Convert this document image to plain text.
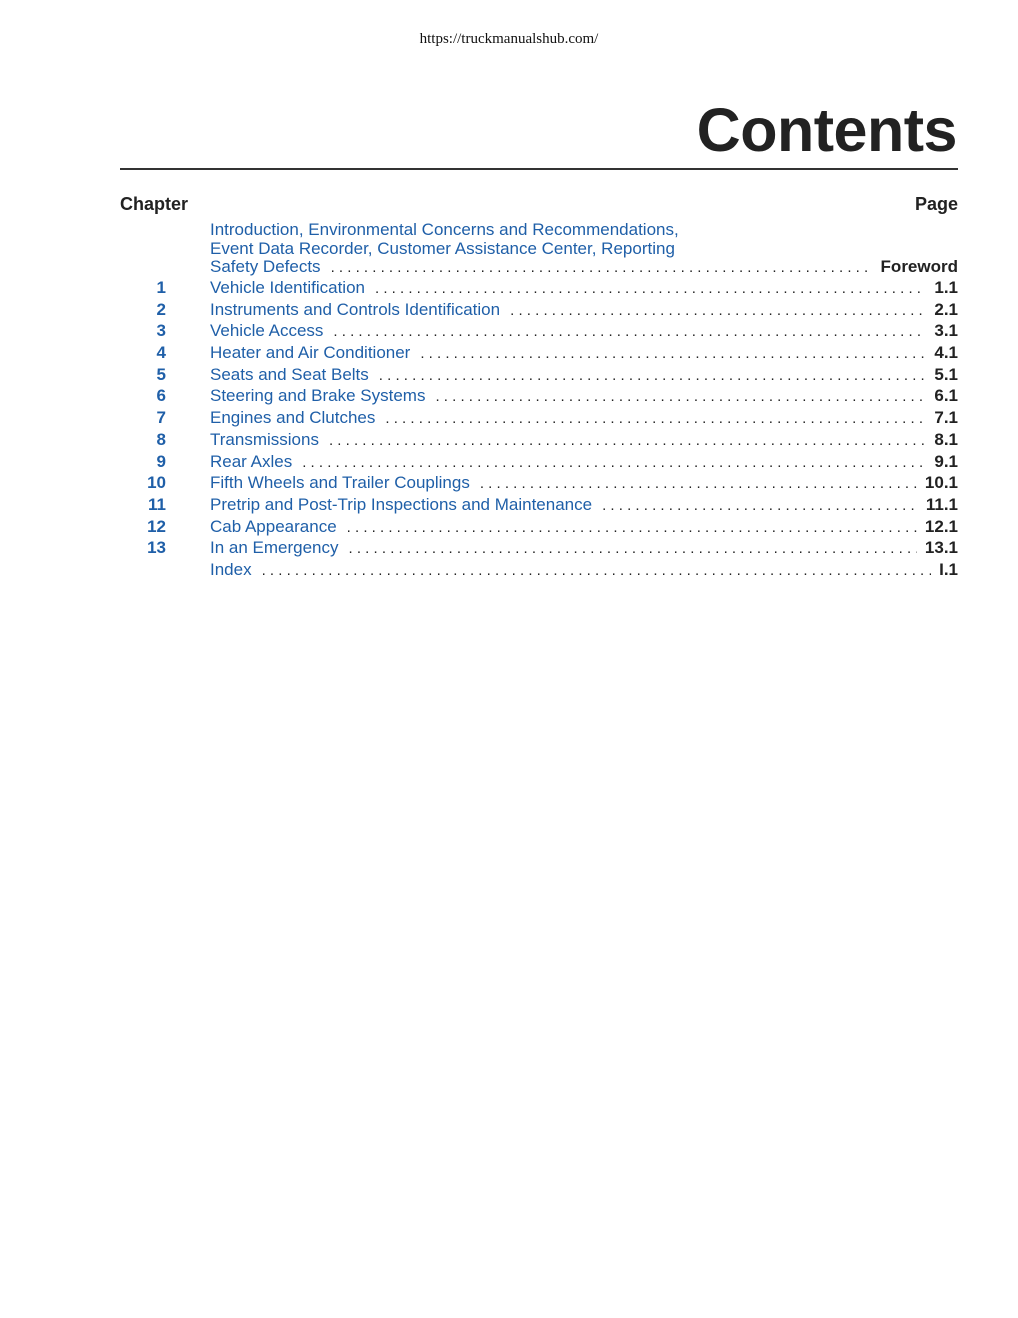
https://truckmanualshub.com/
Contents
Chapter	Page
Introduction, Environmental Concerns and Recommendations,
Event Data Recorder, Customer Assistance Center, Reporting
Safety Defects . . .	Foreword
1	Vehicle Identification . . .	1.1
2	Instruments and Controls Identification . . .	2.1
3	Vehicle Access . . .	3.1
4	Heater and Air Conditioner . . .	4.1
5	Seats and Seat Belts . . .	5.1
6	Steering and Brake Systems . . .	6.1
7	Engines and Clutches . . .	7.1
8	Transmissions . . .	8.1
9	Rear Axles . . .	9.1
10	Fifth Wheels and Trailer Couplings . . .	10.1
11	Pretrip and Post-Trip Inspections and Maintenance . . .	11.1
12	Cab Appearance . . .	12.1
13	In an Emergency . . .	13.1
Index . . .	I.1
